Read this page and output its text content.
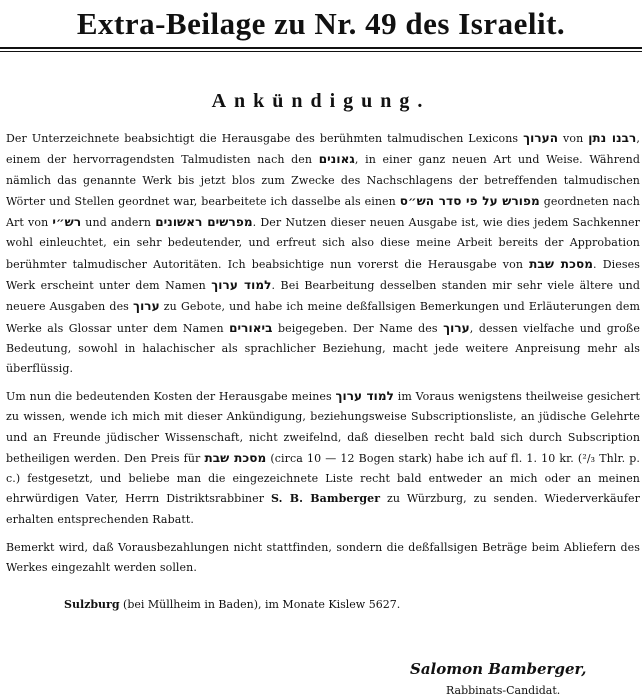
Extra-Beilage zu Nr. 49 des Israelit.
Ankündigung.
Der Unterzeichnete beabsichtigt die Herausgabe des berühmten talmudischen Lexicons הערוך von רבנו נתן, einem der hervorragendsten Talmudisten nach den גאונים, in einer ganz neuen Art und Weise. Während nämlich das genannte Werk bis jetzt blos zum Zwecke des Nachschlagens der betreffenden talmudischen Wörter und Stellen geordnet war, bearbeitete ich dasselbe als einen מפורש על פי סדר הש״ס geordneten nach Art von רש״י und andern מפרשים ראשונים. Der Nutzen dieser neuen Ausgabe ist, wie dies jedem Sachkenner wohl einleuchtet, ein sehr bedeutender, und erfreut sich also diese meine Arbeit bereits der Approbation berühmter talmudischer Autoritäten. Ich beabsichtige nun vorerst die Herausgabe von מסכת שבת. Dieses Werk erscheint unter dem Namen למוד ערוך. Bei Bearbeitung desselben standen mir sehr viele ältere und neuere Ausgaben des ערוך zu Gebote, und habe ich meine deßfallsigen Bemerkungen und Erläuterungen dem Werke als Glossar unter dem Namen ביאורים beigegeben. Der Name des ערוך, dessen vielfache und große Bedeutung, sowohl in halachischer als sprachlicher Beziehung, macht jede weitere Anpreisung mehr als überflüssig.
Um nun die bedeutenden Kosten der Herausgabe meines למוד ערוך im Voraus wenigstens theilweise gesichert zu wissen, wende ich mich mit dieser Ankündigung, beziehungsweise Subscriptionsliste, an jüdische Gelehrte und an Freunde jüdischer Wissenschaft, nicht zweifelnd, daß dieselben recht bald sich durch Subscription betheiligen werden. Den Preis für מסכת שבת (circa 10 — 12 Bogen stark) habe ich auf fl. 1. 10 kr. (²/₃ Thlr. p. c.) festgesetzt, und beliebe man die eingezeichnete Liste recht bald entweder an mich oder an meinen ehrwürdigen Vater, Herrn Distriktsrabbiner S. B. Bamberger zu Würzburg, zu senden. Wiederverkäufer erhalten entsprechenden Rabatt.
Bemerkt wird, daß Vorausbezahlungen nicht stattfinden, sondern die deßfallsigen Beträge beim Abliefern des Werkes eingezahlt werden sollen.
Sulzburg (bei Müllheim in Baden), im Monate Kislew 5627.
Salomon Bamberger,
Rabbinats-Candidat.
